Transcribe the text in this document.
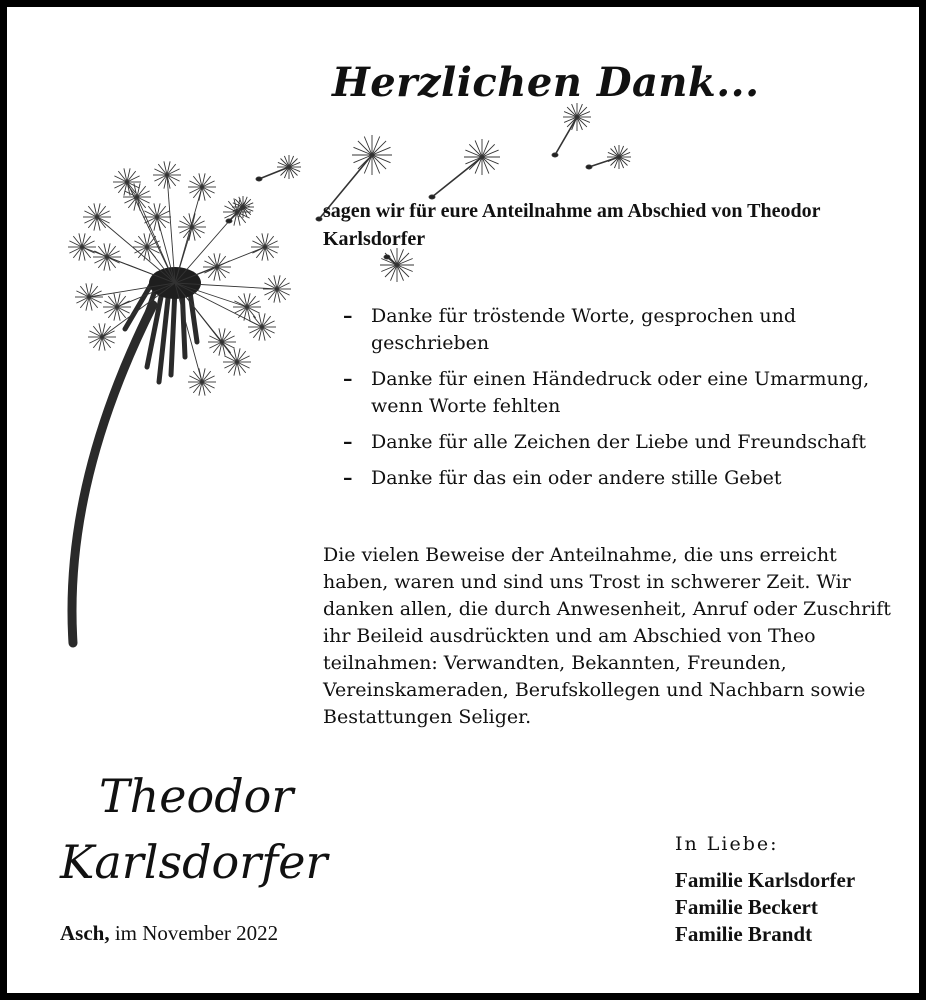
Herzlichen Dank...
sagen wir für eure Anteilnahme am Abschied von Theodor Karlsdorfer
– Danke für tröstende Worte, gesprochen und geschrieben
– Danke für einen Händedruck oder eine Umarmung, wenn Worte fehlten
– Danke für alle Zeichen der Liebe und Freundschaft
– Danke für das ein oder andere stille Gebet
Die vielen Beweise der Anteilnahme, die uns erreicht haben, waren und sind uns Trost in schwerer Zeit. Wir danken allen, die durch Anwesenheit, Anruf oder Zuschrift ihr Beileid ausdrückten und am Abschied von Theo teilnahmen: Verwandten, Bekannten, Freunden, Vereinskameraden, Berufskollegen und Nachbarn sowie Bestattungen Seliger.
Theodor
Karlsdorfer
Asch, im November 2022
In Liebe:
Familie Karlsdorfer
Familie Beckert
Familie Brandt
